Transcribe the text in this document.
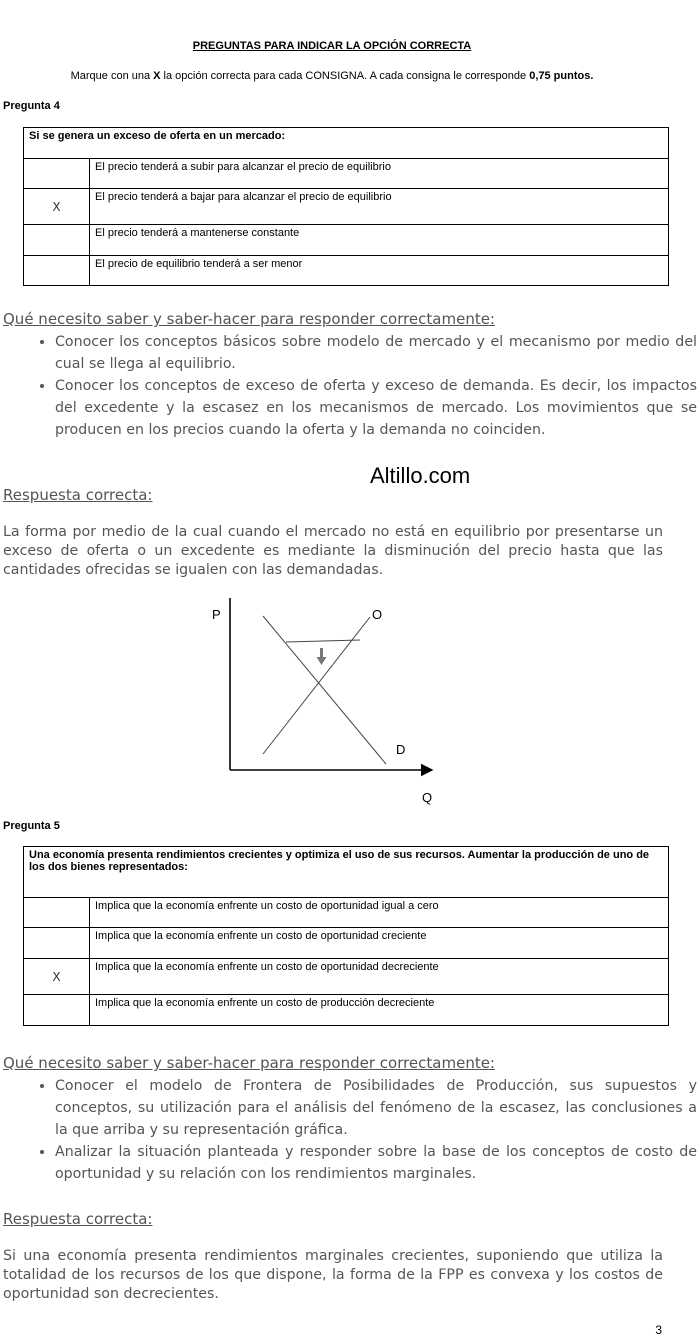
PREGUNTAS PARA INDICAR LA OPCIÓN CORRECTA
Marque con una X la opción correcta para cada CONSIGNA. A cada consigna le corresponde 0,75 puntos.
Pregunta 4
Si se genera un exceso de oferta en un mercado:	
	El precio tenderá a subir para alcanzar el precio de equilibrio
X	El precio tenderá a bajar para alcanzar el precio de equilibrio
	El precio tenderá a mantenerse constante
	El precio de equilibrio tenderá a ser menor
Qué necesito saber y saber-hacer para responder correctamente:
• Conocer los conceptos básicos sobre modelo de mercado y el mecanismo por medio del cual se llega al equilibrio.
• Conocer los conceptos de exceso de oferta y exceso de demanda. Es decir, los impactos del excedente y la escasez en los mecanismos de mercado. Los movimientos que se producen en los precios cuando la oferta y la demanda no coinciden.
Altillo.com
Respuesta correcta:
La forma por medio de la cual cuando el mercado no está en equilibrio por presentarse un exceso de oferta o un excedente es mediante la disminución del precio hasta que las cantidades ofrecidas se igualen con las demandadas.
P	O
D
Q
Pregunta 5
Una economía presenta rendimientos crecientes y optimiza el uso de sus recursos. Aumentar la producción de uno de los dos bienes representados:	
	Implica que la economía enfrente un costo de oportunidad igual a cero
	Implica que la economía enfrente un costo de oportunidad creciente
X	Implica que la economía enfrente un costo de oportunidad decreciente
	Implica que la economía enfrente un costo de producción decreciente
Qué necesito saber y saber-hacer para responder correctamente:
• Conocer el modelo de Frontera de Posibilidades de Producción, sus supuestos y conceptos, su utilización para el análisis del fenómeno de la escasez, las conclusiones a la que arriba y su representación gráfica.
• Analizar la situación planteada y responder sobre la base de los conceptos de costo de oportunidad y su relación con los rendimientos marginales.
Respuesta correcta:
Si una economía presenta rendimientos marginales crecientes, suponiendo que utiliza la totalidad de los recursos de los que dispone, la forma de la FPP es convexa y los costos de oportunidad son decrecientes.
3
